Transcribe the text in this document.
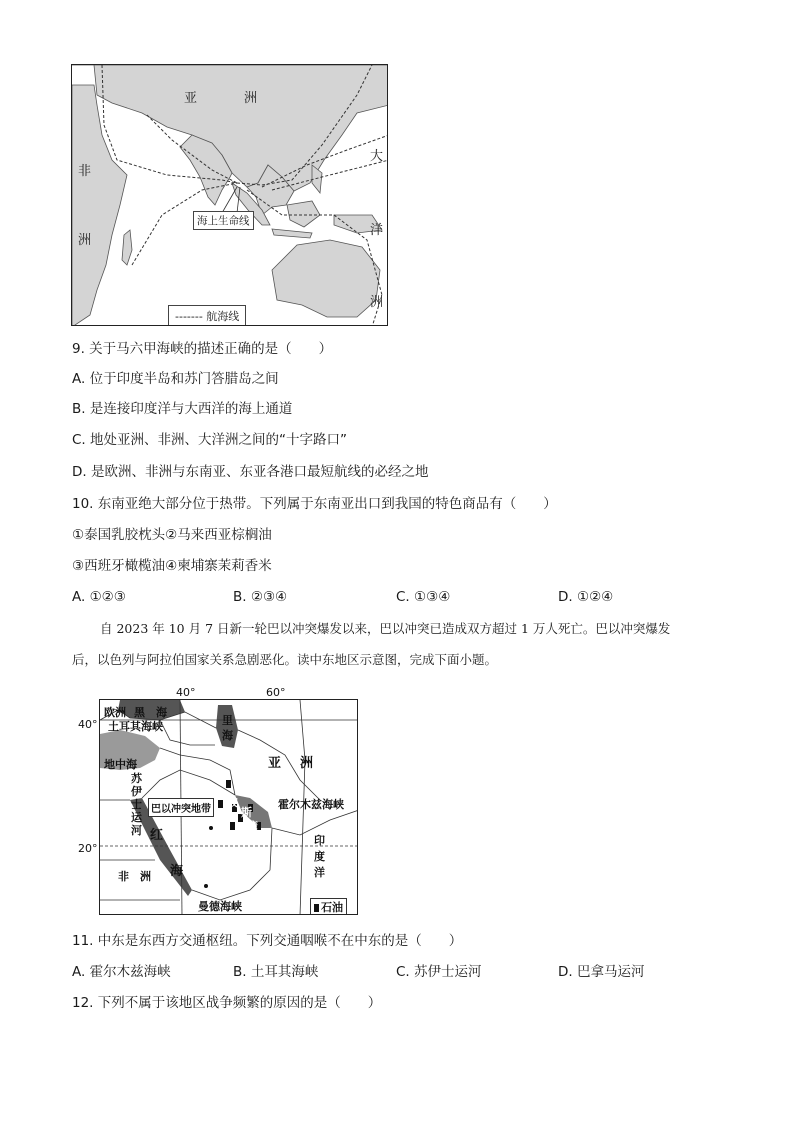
亚	洲
非
洲
大
洋
洲
海上生命线
------- 航海线
9. 关于马六甲海峡的描述正确的是（　　）
A. 位于印度半岛和苏门答腊岛之间
B. 是连接印度洋与大西洋的海上通道
C. 地处亚洲、非洲、大洋洲之间的“十字路口”
D. 是欧洲、非洲与东南亚、东亚各港口最短航线的必经之地
10. 东南亚绝大部分位于热带。下列属于东南亚出口到我国的特色商品有（　　）
①泰国乳胶枕头②马来西亚棕榈油
③西班牙橄榄油④柬埔寨茉莉香米
A. ①②③	B. ②③④	C. ①③④	D. ①②④
自 2023 年 10 月 7 日新一轮巴以冲突爆发以来，巴以冲突已造成双方超过 1 万人死亡。巴以冲突爆发
后，以色列与阿拉伯国家关系急剧恶化。读中东地区示意图，完成下面小题。
40°	60°
40°
20°
欧洲 黑　海
土耳其海峡	里
海
地中海	亚 洲
苏
伊
士
运
河
巴以冲突地带
波
斯
湾
霍尔木兹海峡
红
海
印
度
洋
非　洲
曼德海峡	石油
11. 中东是东西方交通枢纽。下列交通咽喉不在中东的是（　　）
A. 霍尔木兹海峡	B. 土耳其海峡	C. 苏伊士运河	D. 巴拿马运河
12. 下列不属于该地区战争频繁的原因的是（　　）
